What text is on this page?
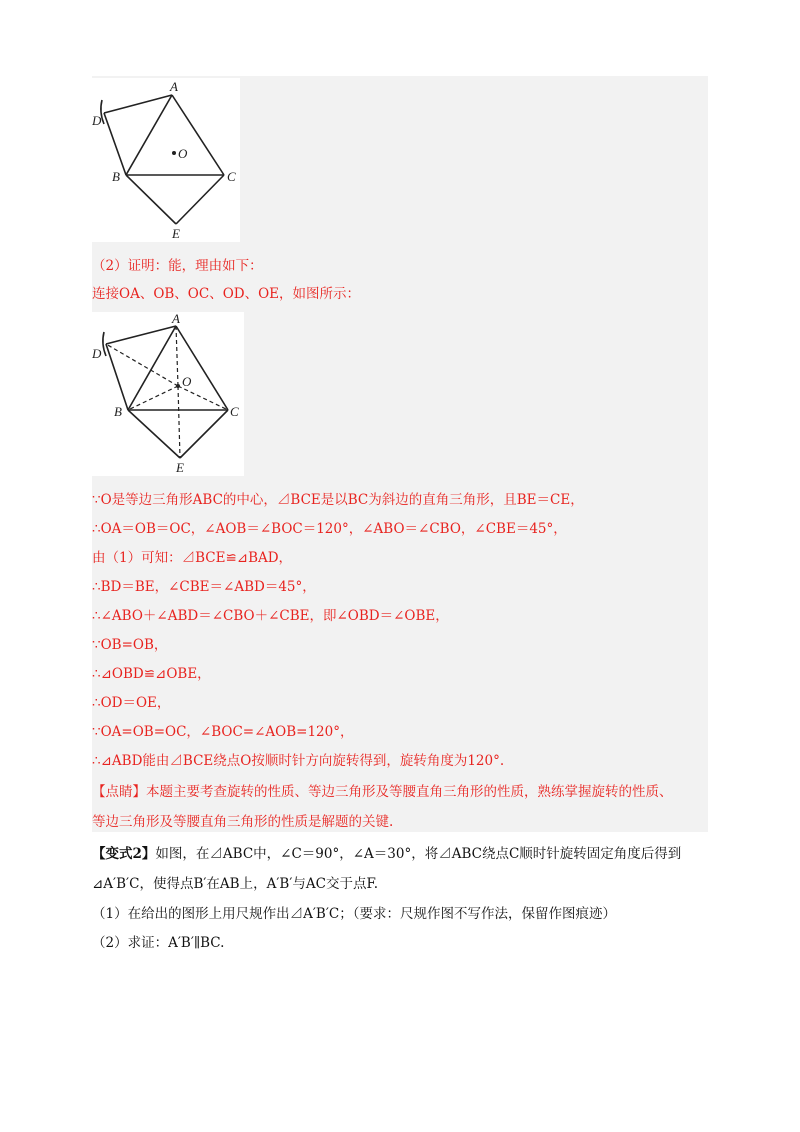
A
D
O
B	C
E
（2）证明：能，理由如下：
连接OA、OB、OC、OD、OE，如图所示：
A
D
O
B	C
E
∵O是等边三角形ABC的中心，⊿BCE是以BC为斜边的直角三角形，且BE＝CE，
∴OA＝OB＝OC，∠AOB＝∠BOC＝120°，∠ABO＝∠CBO，∠CBE＝45°，
由（1）可知：⊿BCE≌⊿BAD，
∴BD＝BE，∠CBE＝∠ABD＝45°，
∴∠ABO＋∠ABD＝∠CBO＋∠CBE，即∠OBD＝∠OBE，
∵OB=OB，
∴⊿OBD≌⊿OBE，
∴OD＝OE，
∵OA=OB=OC，∠BOC=∠AOB=120°，
∴⊿ABD能由⊿BCE绕点O按顺时针方向旋转得到，旋转角度为120°.
【点睛】本题主要考查旋转的性质、等边三角形及等腰直角三角形的性质，熟练掌握旋转的性质、
等边三角形及等腰直角三角形的性质是解题的关键.
【变式2】如图，在⊿ABC中，∠C＝90°，∠A＝30°，将⊿ABC绕点C顺时针旋转固定角度后得到
⊿A′B′C，使得点B′在AB上，A′B′与AC交于点F.
（1）在给出的图形上用尺规作出⊿A′B′C；（要求：尺规作图不写作法，保留作图痕迹）
（2）求证：A′B′∥BC.
